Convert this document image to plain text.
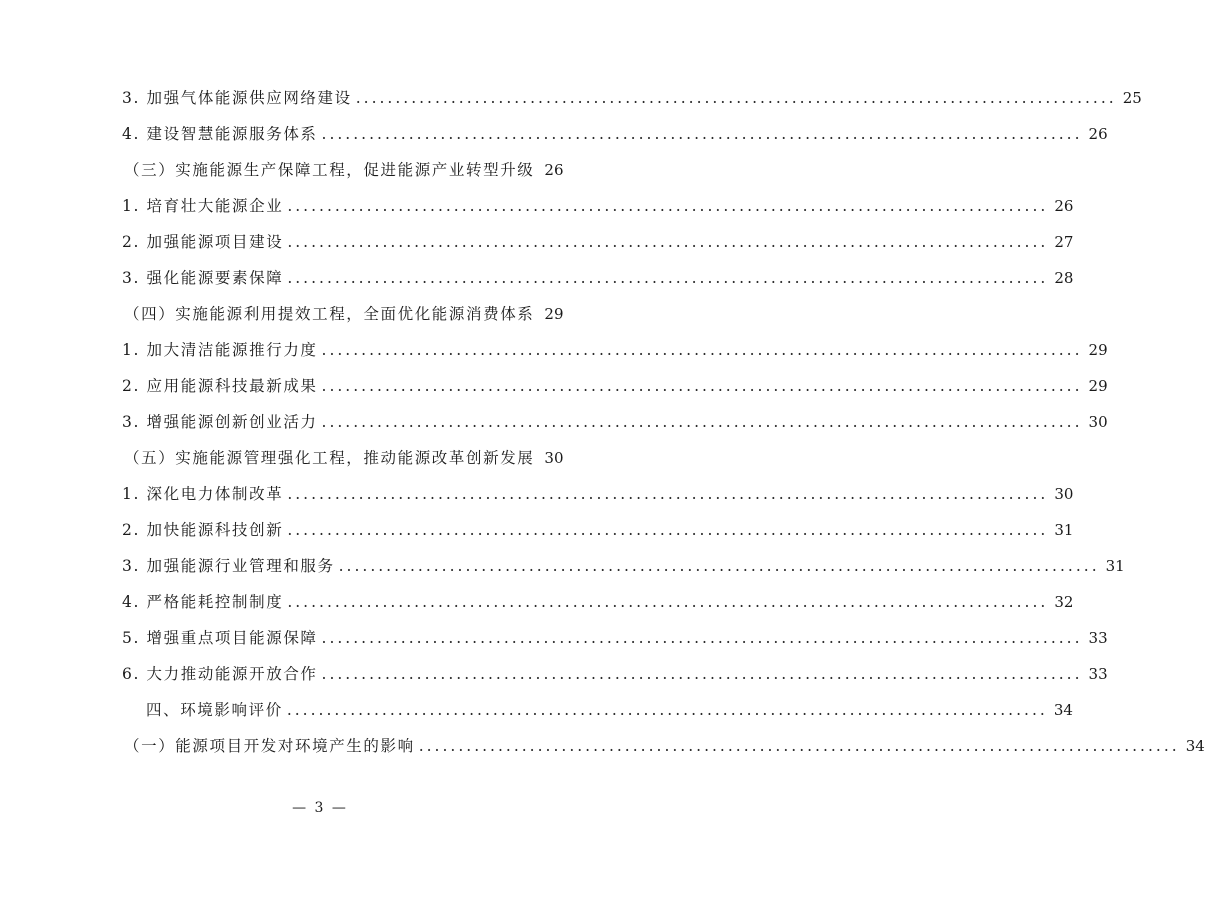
3. 加强气体能源供应网络建设 ................................................................................................ 25
4. 建设智慧能源服务体系 ................................................................................................ 26
（三）实施能源生产保障工程，促进能源产业转型升级 26
1. 培育壮大能源企业 ................................................................................................ 26
2. 加强能源项目建设 ................................................................................................ 27
3. 强化能源要素保障 ................................................................................................ 28
（四）实施能源利用提效工程，全面优化能源消费体系 29
1. 加大清洁能源推行力度 ................................................................................................ 29
2. 应用能源科技最新成果 ................................................................................................ 29
3. 增强能源创新创业活力 ................................................................................................ 30
（五）实施能源管理强化工程，推动能源改革创新发展 30
1. 深化电力体制改革 ................................................................................................ 30
2. 加快能源科技创新 ................................................................................................ 31
3. 加强能源行业管理和服务 ................................................................................................ 31
4. 严格能耗控制制度 ................................................................................................ 32
5. 增强重点项目能源保障 ................................................................................................ 33
6. 大力推动能源开放合作 ................................................................................................ 33
四、环境影响评价 ................................................................................................ 34
（一）能源项目开发对环境产生的影响 ................................................................................................ 34
— 3 —
